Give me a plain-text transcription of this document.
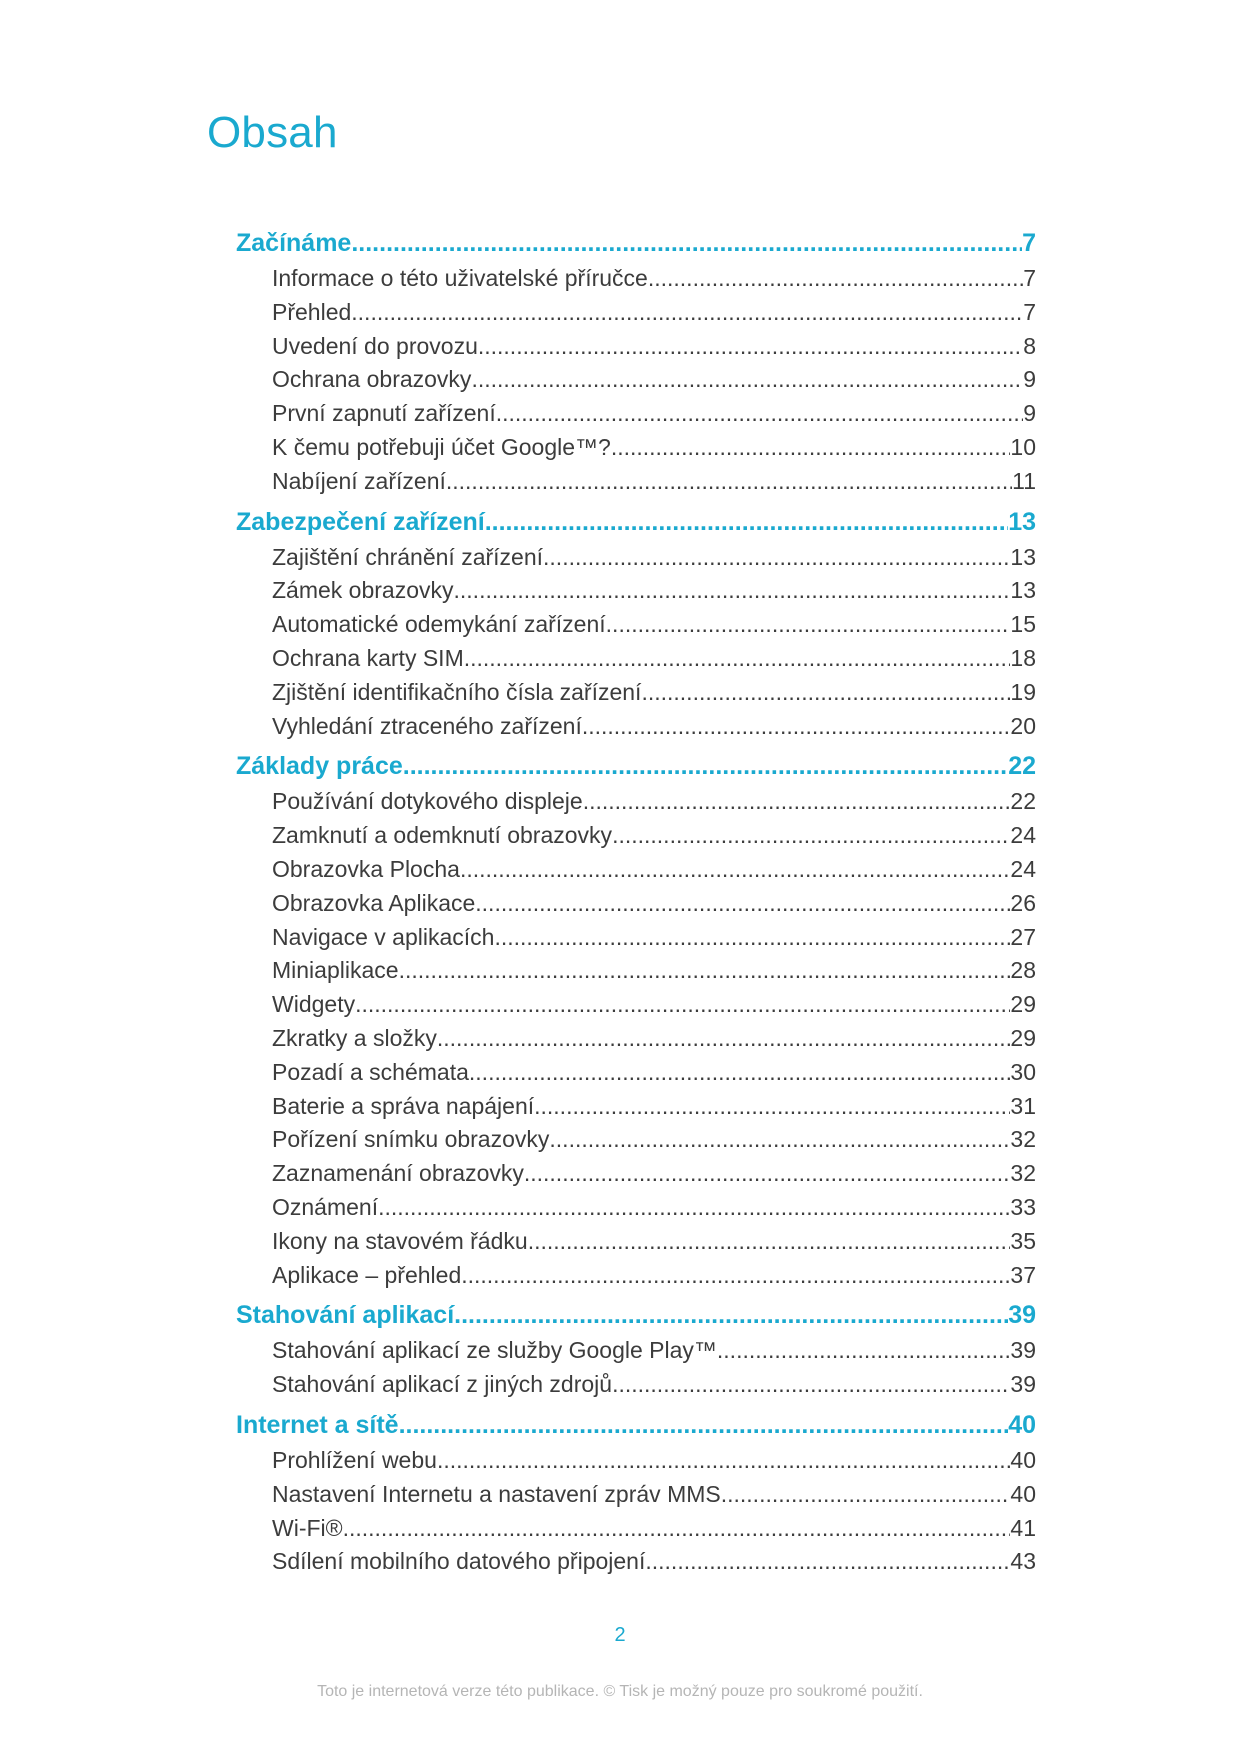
Obsah
Začínáme .....	7
Informace o této uživatelské příručce .....	7
Přehled .....	7
Uvedení do provozu .....	8
Ochrana obrazovky .....	9
První zapnutí zařízení .....	9
K čemu potřebuji účet Google™? .....	10
Nabíjení zařízení .....	11
Zabezpečení zařízení .....	13
Zajištění chránění zařízení .....	13
Zámek obrazovky .....	13
Automatické odemykání zařízení .....	15
Ochrana karty SIM .....	18
Zjištění identifikačního čísla zařízení .....	19
Vyhledání ztraceného zařízení .....	20
Základy práce .....	22
Používání dotykového displeje .....	22
Zamknutí a odemknutí obrazovky .....	24
Obrazovka Plocha .....	24
Obrazovka Aplikace .....	26
Navigace v aplikacích .....	27
Miniaplikace .....	28
Widgety .....	29
Zkratky a složky .....	29
Pozadí a schémata .....	30
Baterie a správa napájení .....	31
Pořízení snímku obrazovky .....	32
Zaznamenání obrazovky .....	32
Oznámení .....	33
Ikony na stavovém řádku .....	35
Aplikace – přehled .....	37
Stahování aplikací .....	39
Stahování aplikací ze služby Google Play™ .....	39
Stahování aplikací z jiných zdrojů .....	39
Internet a sítě .....	40
Prohlížení webu .....	40
Nastavení Internetu a nastavení zpráv MMS .....	40
Wi-Fi® .....	41
Sdílení mobilního datového připojení .....	43
2
Toto je internetová verze této publikace. © Tisk je možný pouze pro soukromé použití.
